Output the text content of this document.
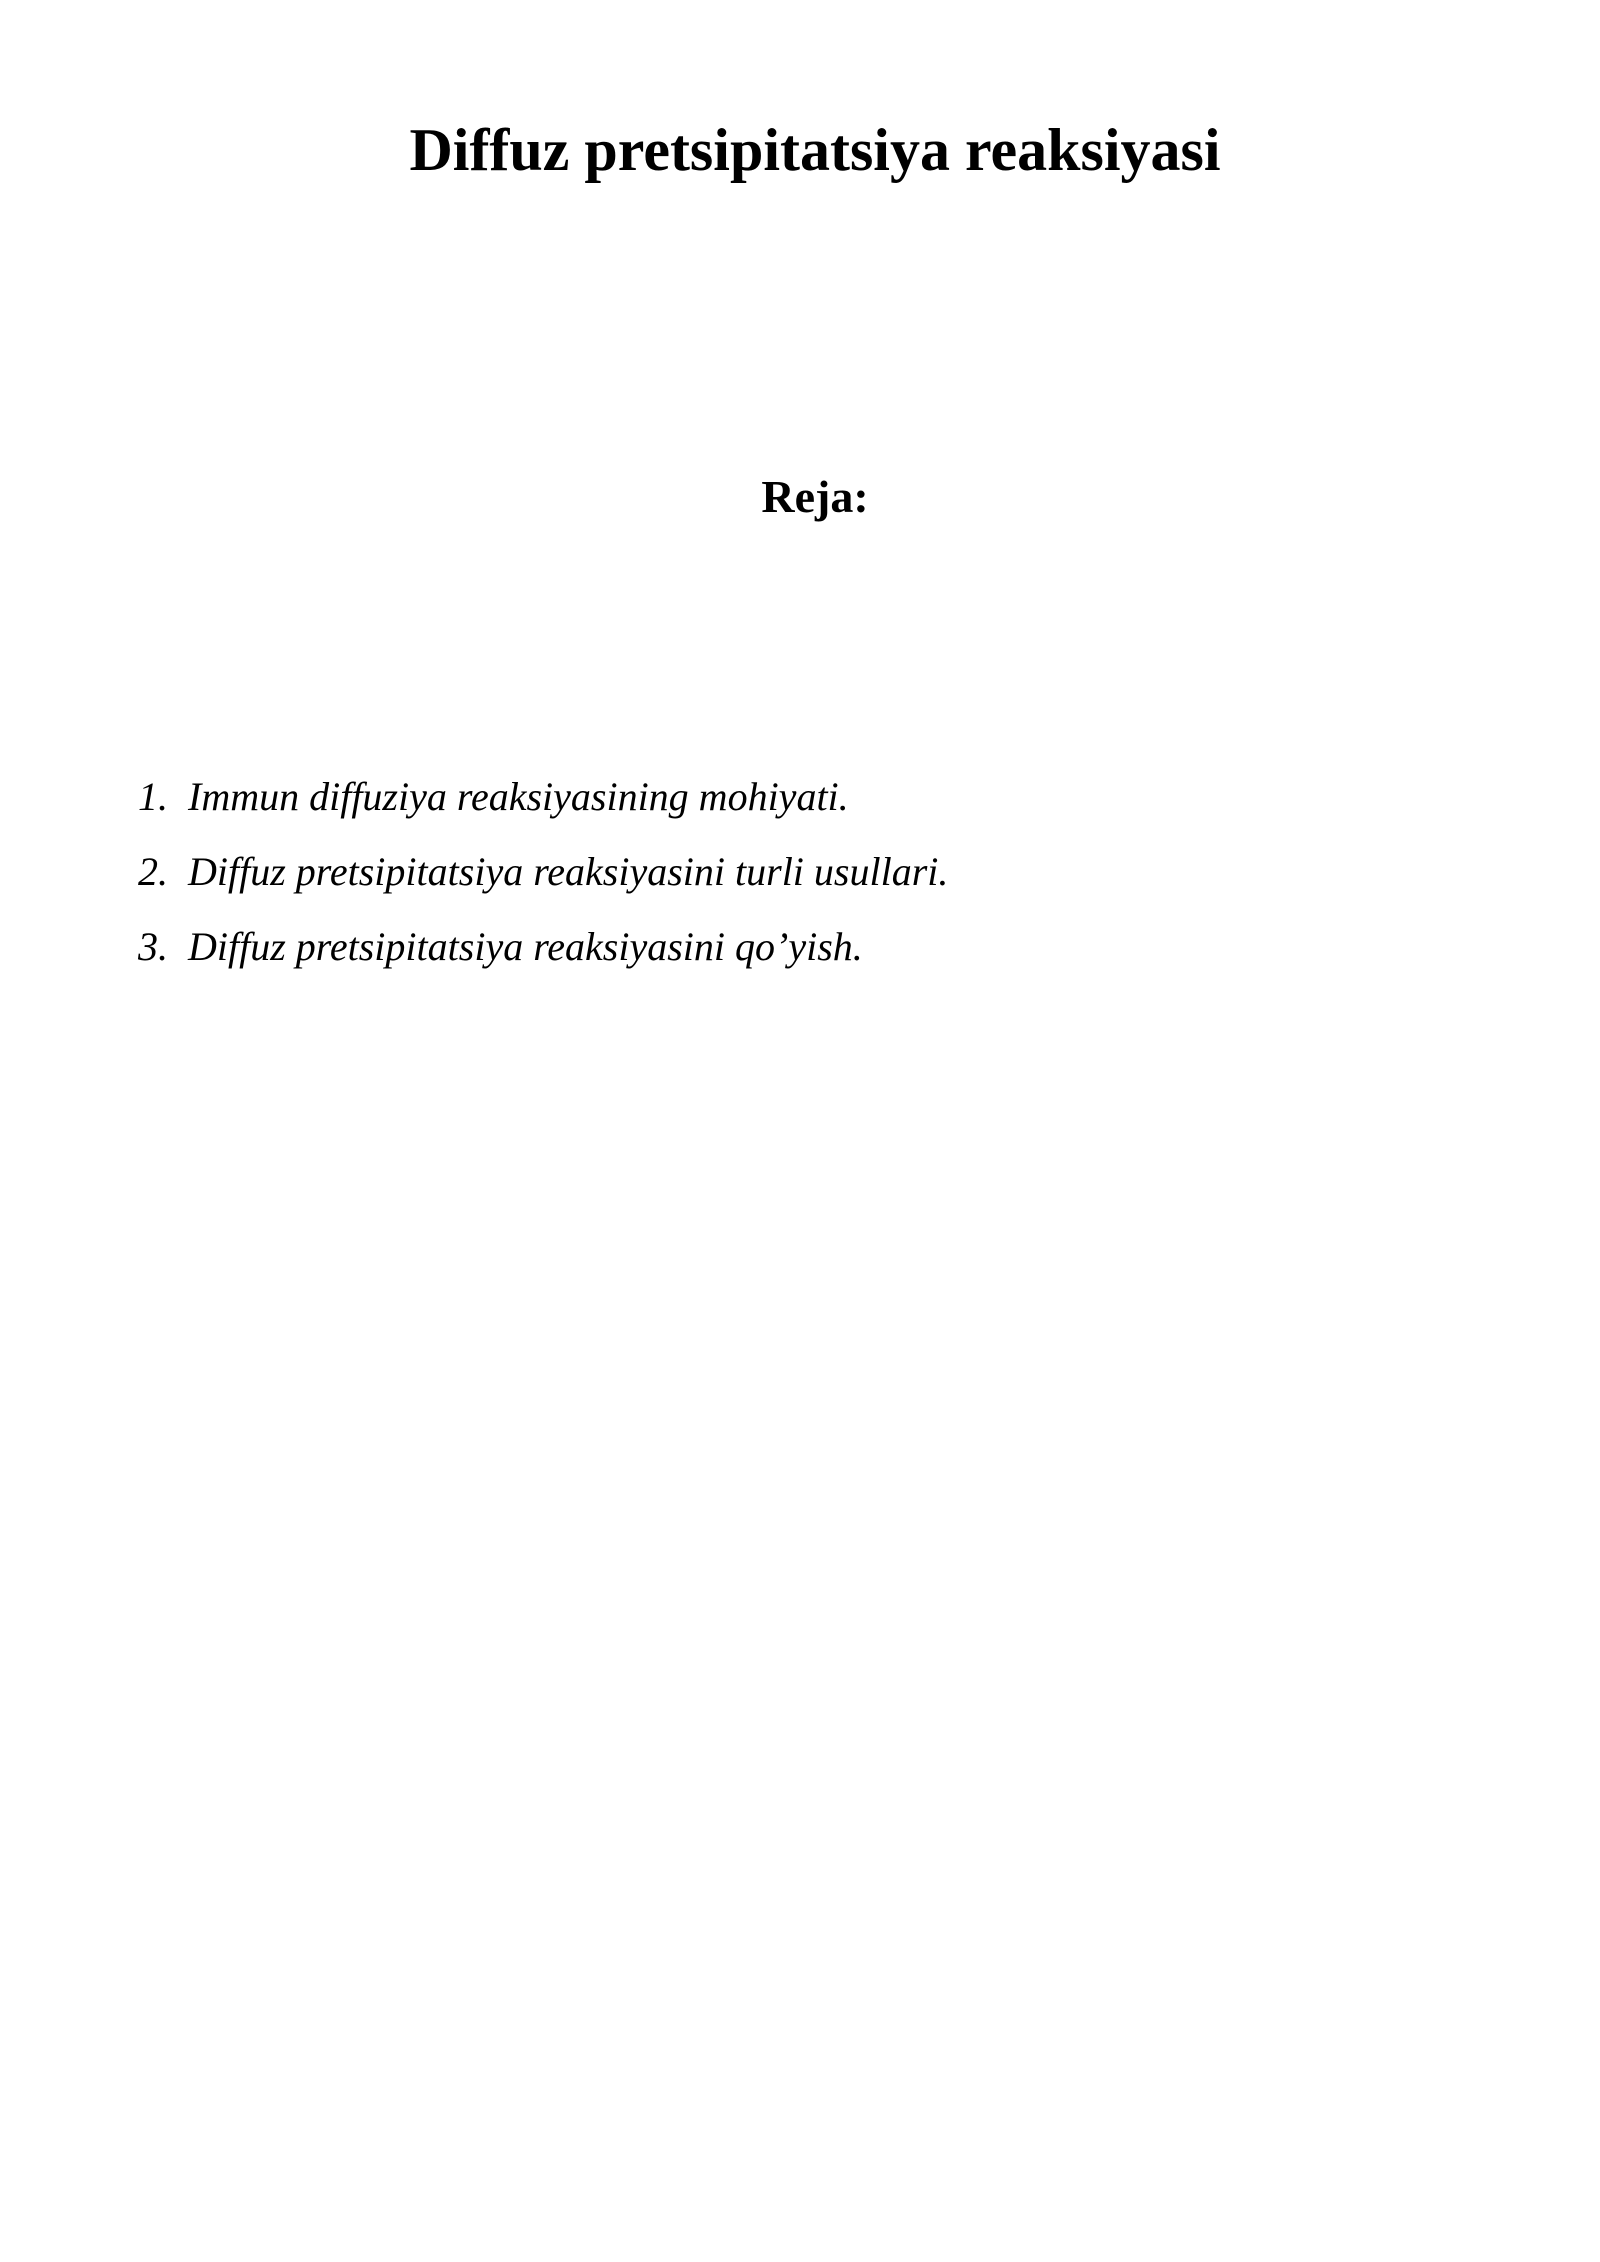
Diffuz pretsipitatsiya reaksiyasi
Reja:
1. Immun diffuziya reaksiyasining mohiyati.
2. Diffuz pretsipitatsiya reaksiyasini turli usullari.
3. Diffuz pretsipitatsiya reaksiyasini qo’yish.
